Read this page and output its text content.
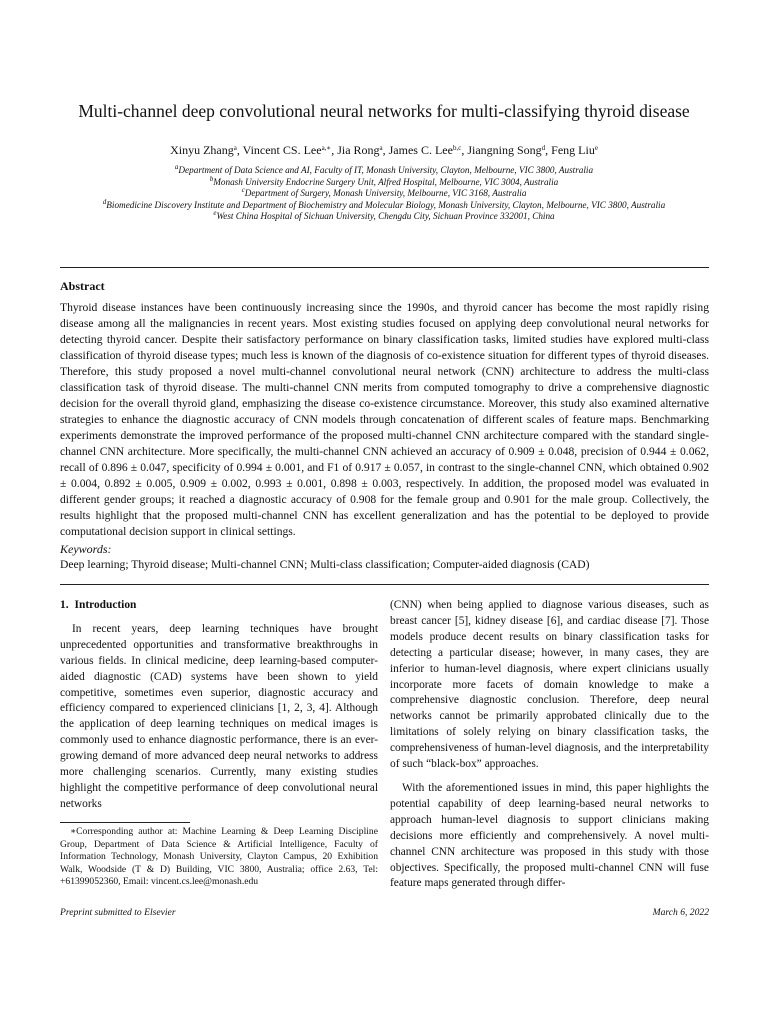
Multi-channel deep convolutional neural networks for multi-classifying thyroid disease
Xinyu Zhang$^a$, Vincent CS. Lee$^{a,∗}$, Jia Rong$^a$, James C. Lee$^{b,c}$, Jiangning Song$^d$, Feng Liu$^e$
$^a$Department of Data Science and AI, Faculty of IT, Monash University, Clayton, Melbourne, VIC 3800, Australia
$^b$Monash University Endocrine Surgery Unit, Alfred Hospital, Melbourne, VIC 3004, Australia
$^c$Department of Surgery, Monash University, Melbourne, VIC 3168, Australia
$^d$Biomedicine Discovery Institute and Department of Biochemistry and Molecular Biology, Monash University, Clayton, Melbourne, VIC 3800, Australia
$^e$West China Hospital of Sichuan University, Chengdu City, Sichuan Province 332001, China
Abstract

Thyroid disease instances have been continuously increasing since the 1990s, and thyroid cancer has become the most rapidly rising disease among all the malignancies in recent years. Most existing studies focused on applying deep convolutional neural networks for detecting thyroid cancer. Despite their satisfactory performance on binary classification tasks, limited studies have explored multi-class classification of thyroid disease types; much less is known of the diagnosis of co-existence situation for different types of thyroid diseases. Therefore, this study proposed a novel multi-channel convolutional neural network (CNN) architecture to address the multi-class classification task of thyroid disease. The multi-channel CNN merits from computed tomography to drive a comprehensive diagnostic decision for the overall thyroid gland, emphasizing the disease co-existence circumstance. Moreover, this study also examined alternative strategies to enhance the diagnostic accuracy of CNN models through concatenation of different scales of feature maps. Benchmarking experiments demonstrate the improved performance of the proposed multi-channel CNN architecture compared with the standard single-channel CNN architecture. More specifically, the multi-channel CNN achieved an accuracy of 0.909 ± 0.048, precision of 0.944 ± 0.062, recall of 0.896 ± 0.047, specificity of 0.994 ± 0.001, and F1 of 0.917 ± 0.057, in contrast to the single-channel CNN, which obtained 0.902 ± 0.004, 0.892 ± 0.005, 0.909 ± 0.002, 0.993 ± 0.001, 0.898 ± 0.003, respectively. In addition, the proposed model was evaluated in different gender groups; it reached a diagnostic accuracy of 0.908 for the female group and 0.901 for the male group. Collectively, the results highlight that the proposed multi-channel CNN has excellent generalization and has the potential to be deployed to provide computational decision support in clinical settings.

Keywords:
Deep learning; Thyroid disease; Multi-channel CNN; Multi-class classification; Computer-aided diagnosis (CAD)
1. Introduction

In recent years, deep learning techniques have brought unprecedented opportunities and transformative breakthroughs in various fields. In clinical medicine, deep learning-based computer-aided diagnostic (CAD) systems have been shown to yield competitive, sometimes even superior, diagnostic accuracy and efficiency compared to experienced clinicians [1, 2, 3, 4]. Although the application of deep learning techniques on medical images is commonly used to enhance diagnostic performance, there is an ever-growing demand of more advanced deep neural networks to address more challenging scenarios. Currently, many existing studies highlight the competitive performance of deep convolutional neural networks

(CNN) when being applied to diagnose various diseases, such as breast cancer [5], kidney disease [6], and cardiac disease [7]. Those models produce decent results on binary classification tasks for detecting a particular disease; however, in many cases, they are inferior to human-level diagnosis, where expert clinicians usually incorporate more facets of domain knowledge to make a comprehensive diagnostic conclusion. Therefore, deep neural networks cannot be primarily approbated clinically due to the limitations of solely relying on binary classification tasks, the comprehensiveness of human-level diagnosis, and the interpretability of such “black-box” approaches.

With the aforementioned issues in mind, this paper highlights the potential capability of deep learning-based neural networks to approach human-level diagnosis to support clinicians making decisions more efficiently and comprehensively. A novel multi-channel CNN architecture was proposed in this study with those objectives. Specifically, the proposed multi-channel CNN will fuse feature maps generated through differ-

∗Corresponding author at: Machine Learning & Deep Learning Discipline Group, Department of Data Science & Artificial Intelligence, Faculty of Information Technology, Monash University, Clayton Campus, 20 Exhibition Walk, Woodside (T & D) Building, VIC 3800, Australia; office 2.63, Tel: +61399052360, Email: vincent.cs.lee@monash.edu

Preprint submitted to Elsevier	March 6, 2022
